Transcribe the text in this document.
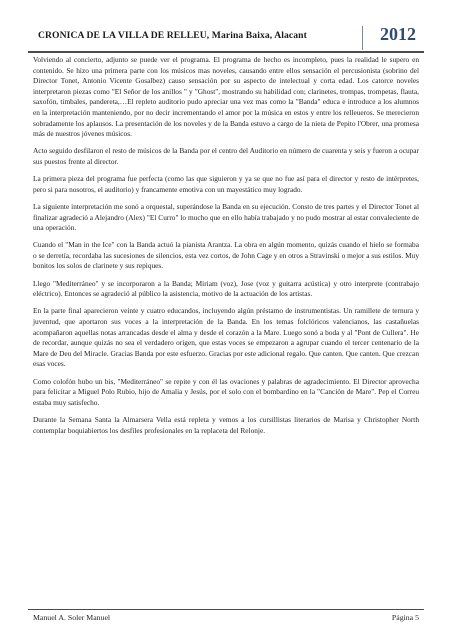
CRONICA DE LA VILLA DE RELLEU, Marina Baixa, Alacant	2012

Volviendo al concierto, adjunto se puede ver el programa. El programa de hecho es incompleto, pues la realidad le supero en contenido. Se hizo una primera parte con los músicos mas noveles, causando entre ellos sensación el percusionista (sobrino del Director Tonet, Antonio Vicente Gosalbez) causo sensación por su aspecto de intelectual y corta edad. Los catorce noveles interpretaron piezas como "El Señor de los anillos " y "Ghost", mostrando su habilidad con; clarinetes, trompas, trompetas, flauta, saxofón, timbales, pandereta,…El repleto auditorio pudo apreciar una vez mas como la "Banda" educa e introduce a los alumnos en la interpretación manteniendo, por no decir incrementando el amor por la música en estos y entre los relleueros. Se merecieron sobradamente los aplausos. La presentación de los noveles y de la Banda estuvo a cargo de la nieta de Pepito l'Obrer, una promesa más de nuestros jóvenes músicos.

Acto seguido desfilaron el resto de músicos de la Banda por el centro del Auditorio en número de cuarenta y seis y fueron a ocupar sus puestos frente al director.

La primera pieza del programa fue perfecta (como las que siguieron y ya se que no fue así para el director y resto de intérpretes, pero si para nosotros, el auditorio) y francamente emotiva con un mayestático muy logrado.

La siguiente interpretación me sonó a orquestal, superándose la Banda en su ejecución. Consto de tres partes y el Director Tonet al finalizar agradeció a Alejandro (Alex) "El Curro" lo mucho que en ello había trabajado y no pudo mostrar al estar convaleciente de una operación.

Cuando el "Man in the Ice" con la Banda actuó la pianista Arantza. La obra en algún momento, quizás cuando el hielo se formaba o se derretía, recordaba las sucesiones de silencios, esta vez cortos, de John Cage y en otros a Stravinski o mejor a sus estilos. Muy bonitos los solos de clarinete y sus repiques.

Llego "Mediterráneo" y se incorporaron a la Banda; Miriam (voz), Jose (voz y guitarra acústica) y otro interprete (contrabajo eléctrico). Entonces se agradeció al público la asistencia, motivo de la actuación de los artistas.

En la parte final aparecieron veinte y cuatro educandos, incluyendo algún préstamo de instrumentistas. Un ramillete de ternura y juventud, que aportaron sus voces a la interpretación de la Banda. En los temas folclóricos valencianos, las castañuelas acompañaron aquellas notas arrancadas desde el alma y desde el corazón a la Mare. Luego sonó a boda y al "Pont de Cullera". He de recordar, aunque quizás no sea el verdadero origen, que estas voces se empezaron a agrupar cuando el tercer centenario de la Mare de Deu del Miracle. Gracias Banda por este esfuerzo. Gracias por este adicional regalo. Que canten. Que canten. Que crezcan esas voces.

Como colofón hubo un bis, "Mediterráneo" se repite y con él las ovaciones y palabras de agradecimiento. El Director aprovecha para felicitar a Miguel Polo Rubio, hijo de Amalia y Jesús, por el solo con el bombardino en la "Canción de Mare". Pep el Correu estaba muy satisfecho.

Durante la Semana Santa la Almarsera Vella está repleta y vemos a los cursillistas literarios de Marisa y Christopher North contemplar boquiabiertos los desfiles profesionales en la replaceta del Relonje.

Manuel A. Soler Manuel	Página 5
